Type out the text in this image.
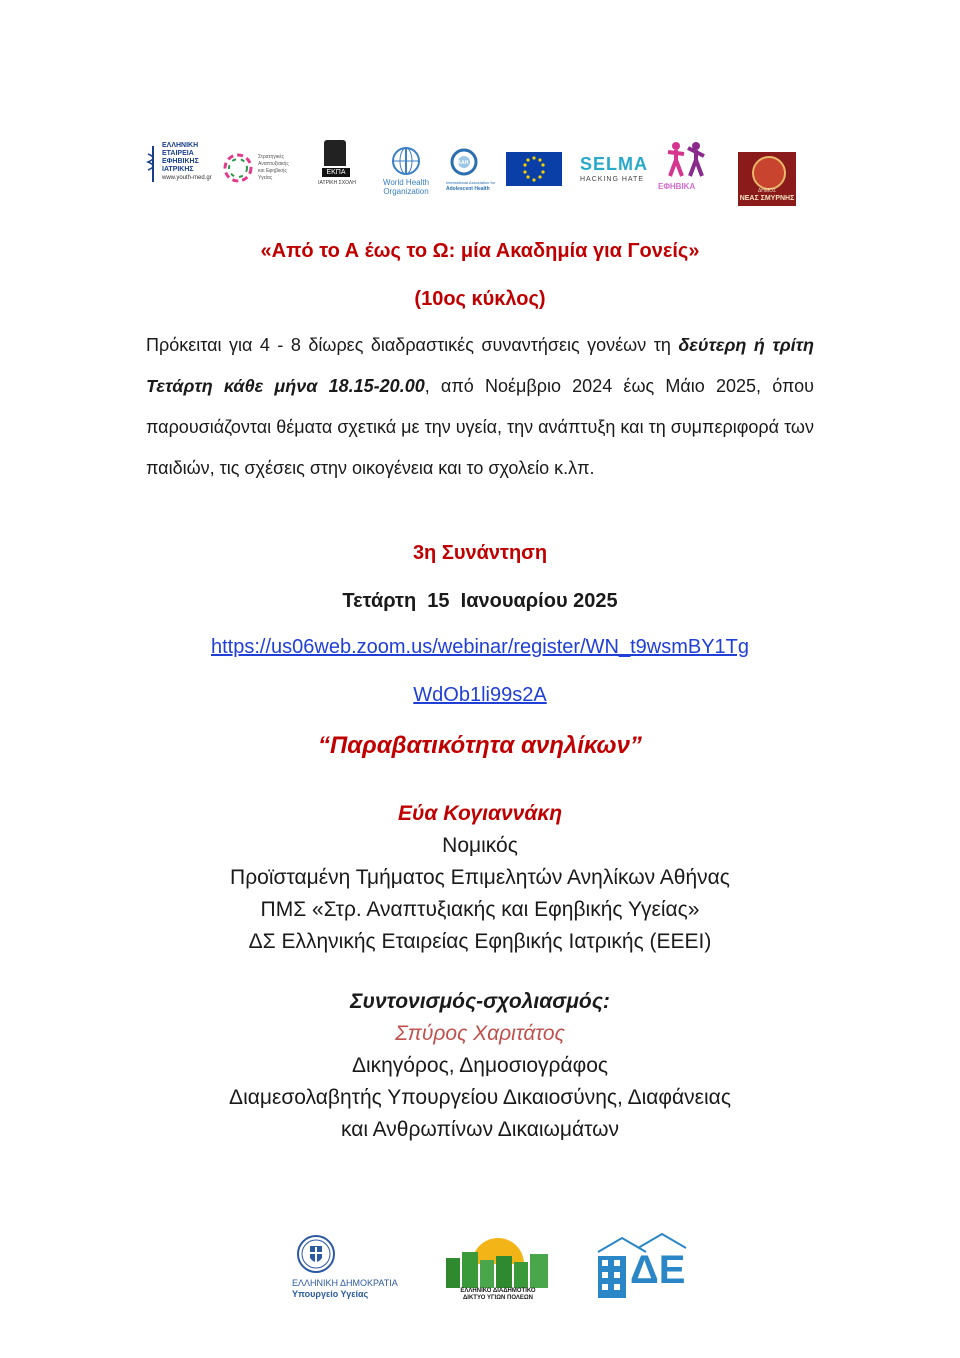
ΕΛΛΗΝΙΚΗ
ΕΤΑΙΡΕΙΑ
ΕΦΗΒΙΚΗΣ
ΙΑΤΡΙΚΗΣ
www.youth-med.gr
Στρατηγικές
Αναπτυξιακής
και Εφηβικής
Υγείας
ΕΚΠΑ
ΙΑΤΡΙΚΗ ΣΧΟΛΗ	World Health
Organization
IAAH
International Association for
Adolescent Health
SELMA
HACKING HATE
ΕΦΗΒΙΚΑ	ΔΗΜΟΣ
ΝΕΑΣ ΣΜΥΡΝΗΣ
«Από το Α έως το Ω: μία Ακαδημία για Γονείς»
(10ος κύκλος)

Πρόκειται για 4 - 8 δίωρες διαδραστικές συναντήσεις γονέων τη δεύτερη ή τρίτη Τετάρτη κάθε μήνα 18.15-20.00, από Νοέμβριο 2024 έως Μάιο 2025, όπου παρουσιάζονται θέματα σχετικά με την υγεία, την ανάπτυξη και τη συμπεριφορά των παιδιών, τις σχέσεις στην οικογένεια και το σχολείο κ.λπ.

3η Συνάντηση
Τετάρτη  15  Ιανουαρίου 2025
https://us06web.zoom.us/webinar/register/WN_t9wsmBY1Tg
WdOb1li99s2A
“Παραβατικότητα ανηλίκων”
Εύα Κογιαννάκη
Νομικός
Προϊσταμένη Τμήματος Επιμελητών Ανηλίκων Αθήνας
ΠΜΣ «Στρ. Αναπτυξιακής και Εφηβικής Υγείας»
ΔΣ Ελληνικής Εταιρείας Εφηβικής Ιατρικής (ΕΕΕΙ)
Συντονισμός-σχολιασμός:
Σπύρος Χαριτάτος
Δικηγόρος, Δημοσιογράφος
Διαμεσολαβητής Υπουργείου Δικαιοσύνης, Διαφάνειας
και Ανθρωπίνων Δικαιωμάτων
ΕΛΛΗΝΙΚΗ ΔΗΜΟΚΡΑΤΙΑ
Υπουργείο Υγείας	ΕΛΛΗΝΙΚΟ ΔΙΑΔΗΜΟΤΙΚΟ
ΔΙΚΤΥΟ ΥΓΙΩΝ ΠΟΛΕΩΝ
ΔΕ
